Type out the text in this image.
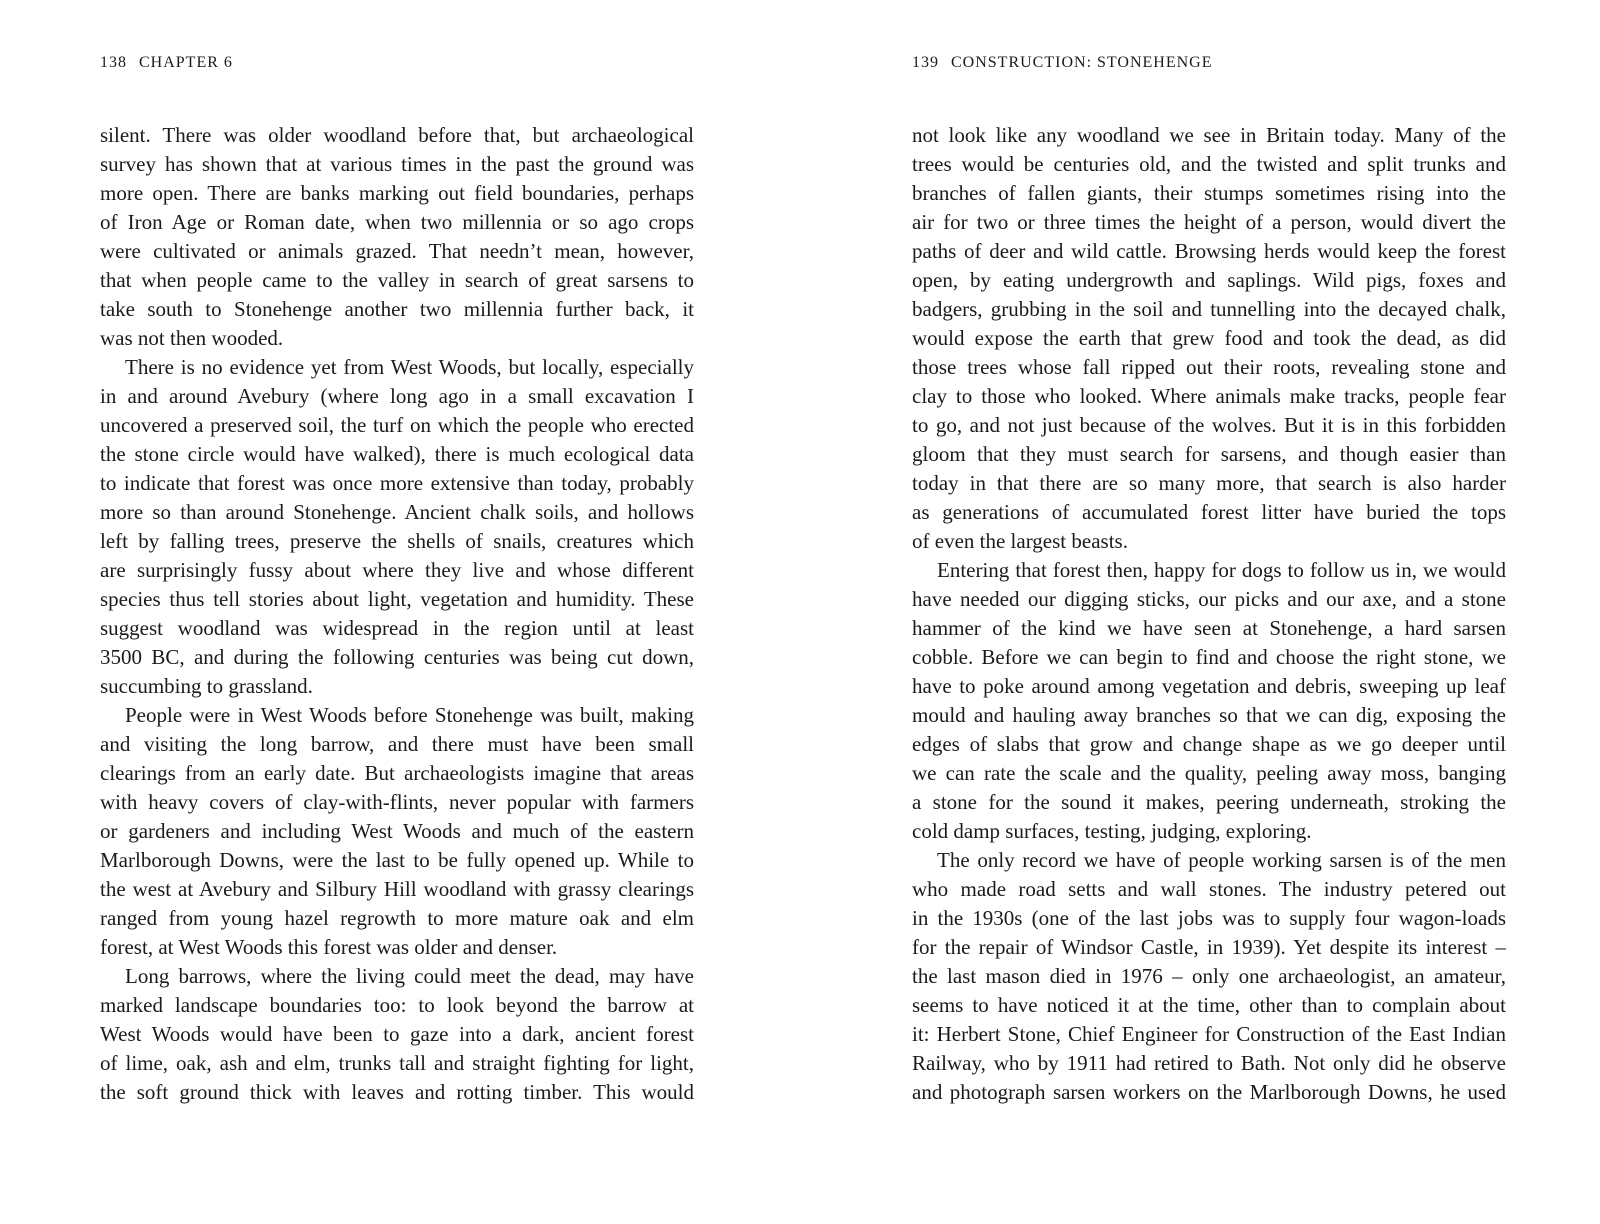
138 CHAPTER 6
silent. There was older woodland before that, but archaeological
survey has shown that at various times in the past the ground was
more open. There are banks marking out field boundaries, perhaps
of Iron Age or Roman date, when two millennia or so ago crops
were cultivated or animals grazed. That needn’t mean, however,
that when people came to the valley in search of great sarsens to
take south to Stonehenge another two millennia further back, it
was not then wooded.
There is no evidence yet from West Woods, but locally, especially
in and around Avebury (where long ago in a small excavation I
uncovered a preserved soil, the turf on which the people who erected
the stone circle would have walked), there is much ecological data
to indicate that forest was once more extensive than today, probably
more so than around Stonehenge. Ancient chalk soils, and hollows
left by falling trees, preserve the shells of snails, creatures which
are surprisingly fussy about where they live and whose different
species thus tell stories about light, vegetation and humidity. These
suggest woodland was widespread in the region until at least
3500 BC, and during the following centuries was being cut down,
succumbing to grassland.
People were in West Woods before Stonehenge was built, making
and visiting the long barrow, and there must have been small
clearings from an early date. But archaeologists imagine that areas
with heavy covers of clay-with-flints, never popular with farmers
or gardeners and including West Woods and much of the eastern
Marlborough Downs, were the last to be fully opened up. While to
the west at Avebury and Silbury Hill woodland with grassy clearings
ranged from young hazel regrowth to more mature oak and elm
forest, at West Woods this forest was older and denser.
Long barrows, where the living could meet the dead, may have
marked landscape boundaries too: to look beyond the barrow at
West Woods would have been to gaze into a dark, ancient forest
of lime, oak, ash and elm, trunks tall and straight fighting for light,
the soft ground thick with leaves and rotting timber. This would
139 CONSTRUCTION: STONEHENGE
not look like any woodland we see in Britain today. Many of the
trees would be centuries old, and the twisted and split trunks and
branches of fallen giants, their stumps sometimes rising into the
air for two or three times the height of a person, would divert the
paths of deer and wild cattle. Browsing herds would keep the forest
open, by eating undergrowth and saplings. Wild pigs, foxes and
badgers, grubbing in the soil and tunnelling into the decayed chalk,
would expose the earth that grew food and took the dead, as did
those trees whose fall ripped out their roots, revealing stone and
clay to those who looked. Where animals make tracks, people fear
to go, and not just because of the wolves. But it is in this forbidden
gloom that they must search for sarsens, and though easier than
today in that there are so many more, that search is also harder
as generations of accumulated forest litter have buried the tops
of even the largest beasts.
Entering that forest then, happy for dogs to follow us in, we would
have needed our digging sticks, our picks and our axe, and a stone
hammer of the kind we have seen at Stonehenge, a hard sarsen
cobble. Before we can begin to find and choose the right stone, we
have to poke around among vegetation and debris, sweeping up leaf
mould and hauling away branches so that we can dig, exposing the
edges of slabs that grow and change shape as we go deeper until
we can rate the scale and the quality, peeling away moss, banging
a stone for the sound it makes, peering underneath, stroking the
cold damp surfaces, testing, judging, exploring.
The only record we have of people working sarsen is of the men
who made road setts and wall stones. The industry petered out
in the 1930s (one of the last jobs was to supply four wagon-loads
for the repair of Windsor Castle, in 1939). Yet despite its interest –
the last mason died in 1976 – only one archaeologist, an amateur,
seems to have noticed it at the time, other than to complain about
it: Herbert Stone, Chief Engineer for Construction of the East Indian
Railway, who by 1911 had retired to Bath. Not only did he observe
and photograph sarsen workers on the Marlborough Downs, he used
